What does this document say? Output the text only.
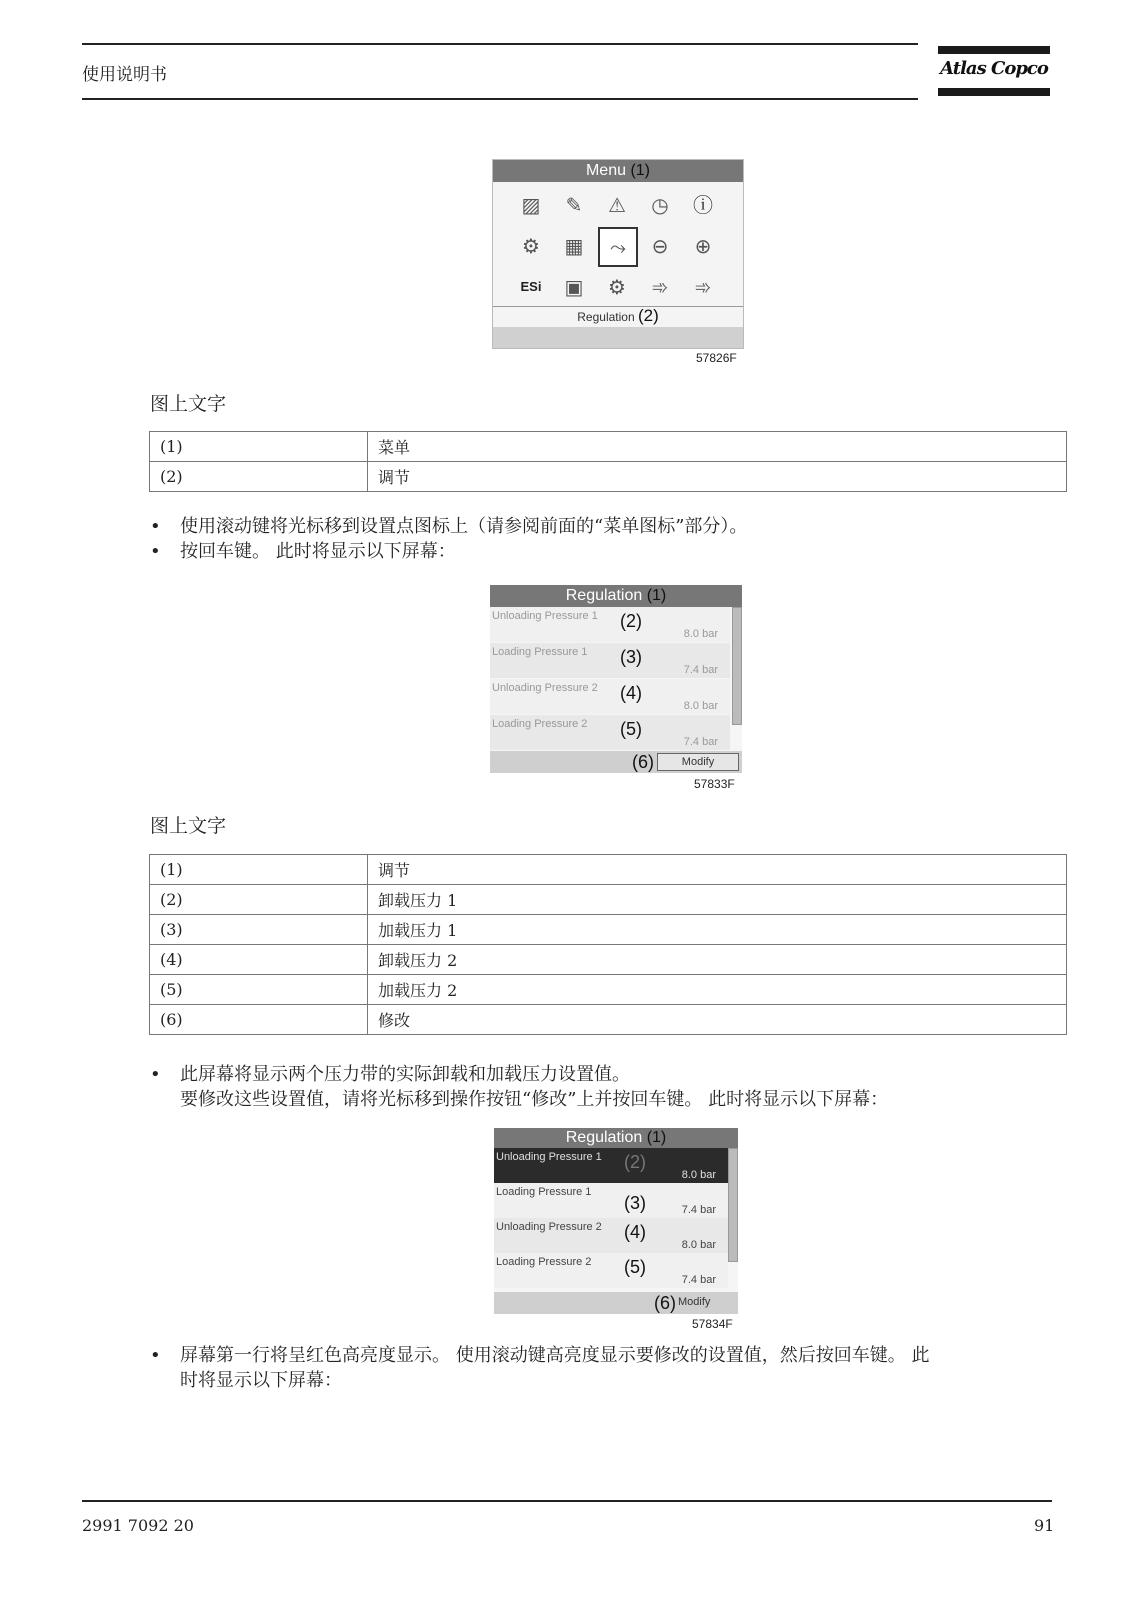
使用说明书	Atlas Copco
Menu (1)
▨	✎	⚠	◷	ⓘ
⚙	▦	⤳	⊖	⊕
ESi ▣	⚙	➾	➾
Regulation (2)
57826F
图上文字
(1)	菜单
(2)	调节
• 使用滚动键将光标移到设置点图标上（请参阅前面的“菜单图标”部分）。
• 按回车键。 此时将显示以下屏幕：
Regulation (1)
Unloading Pressure 1 (2)
8.0 bar
Loading Pressure 1 (3)
7.4 bar
Unloading Pressure 2 (4)
8.0 bar
Loading Pressure 2 (5)
7.4 bar
(6)	Modify
57833F
图上文字
(1)	调节
(2)	卸载压力 1
(3)	加载压力 1
(4)	卸载压力 2
(5)	加载压力 2
(6)	修改
• 此屏幕将显示两个压力带的实际卸载和加载压力设置值。
要修改这些设置值，请将光标移到操作按钮“修改”上并按回车键。 此时将显示以下屏幕：
Regulation (1)
Unloading Pressure 1 (2)
8.0 bar
Loading Pressure 1
(3)	7.4 bar
Unloading Pressure 2 (4)
8.0 bar
Loading Pressure 2 (5)
7.4 bar
(6) Modify
57834F
• 屏幕第一行将呈红色高亮度显示。 使用滚动键高亮度显示要修改的设置值，然后按回车键。 此
时将显示以下屏幕：
2991 7092 20	91
